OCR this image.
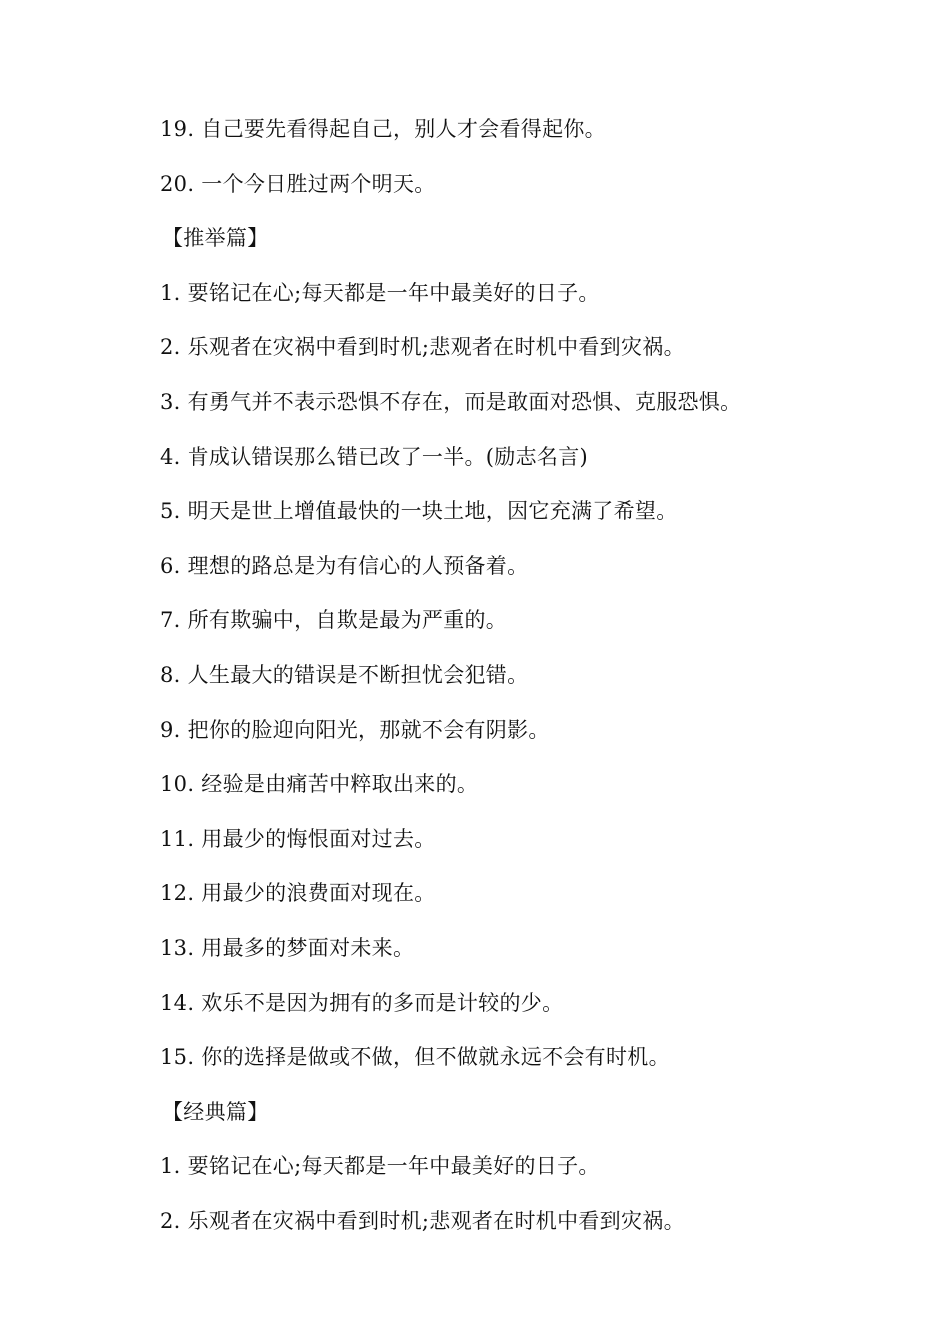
19. 自己要先看得起自己，别人才会看得起你。
20. 一个今日胜过两个明天。
【推举篇】
1. 要铭记在心;每天都是一年中最美好的日子。
2. 乐观者在灾祸中看到时机;悲观者在时机中看到灾祸。
3. 有勇气并不表示恐惧不存在，而是敢面对恐惧、克服恐惧。
4. 肯成认错误那么错已改了一半。(励志名言)
5. 明天是世上增值最快的一块土地，因它充满了希望。
6. 理想的路总是为有信心的人预备着。
7. 所有欺骗中，自欺是最为严重的。
8. 人生最大的错误是不断担忧会犯错。
9. 把你的脸迎向阳光，那就不会有阴影。
10. 经验是由痛苦中粹取出来的。
11. 用最少的悔恨面对过去。
12. 用最少的浪费面对现在。
13. 用最多的梦面对未来。
14. 欢乐不是因为拥有的多而是计较的少。
15. 你的选择是做或不做，但不做就永远不会有时机。
【经典篇】
1. 要铭记在心;每天都是一年中最美好的日子。
2. 乐观者在灾祸中看到时机;悲观者在时机中看到灾祸。
